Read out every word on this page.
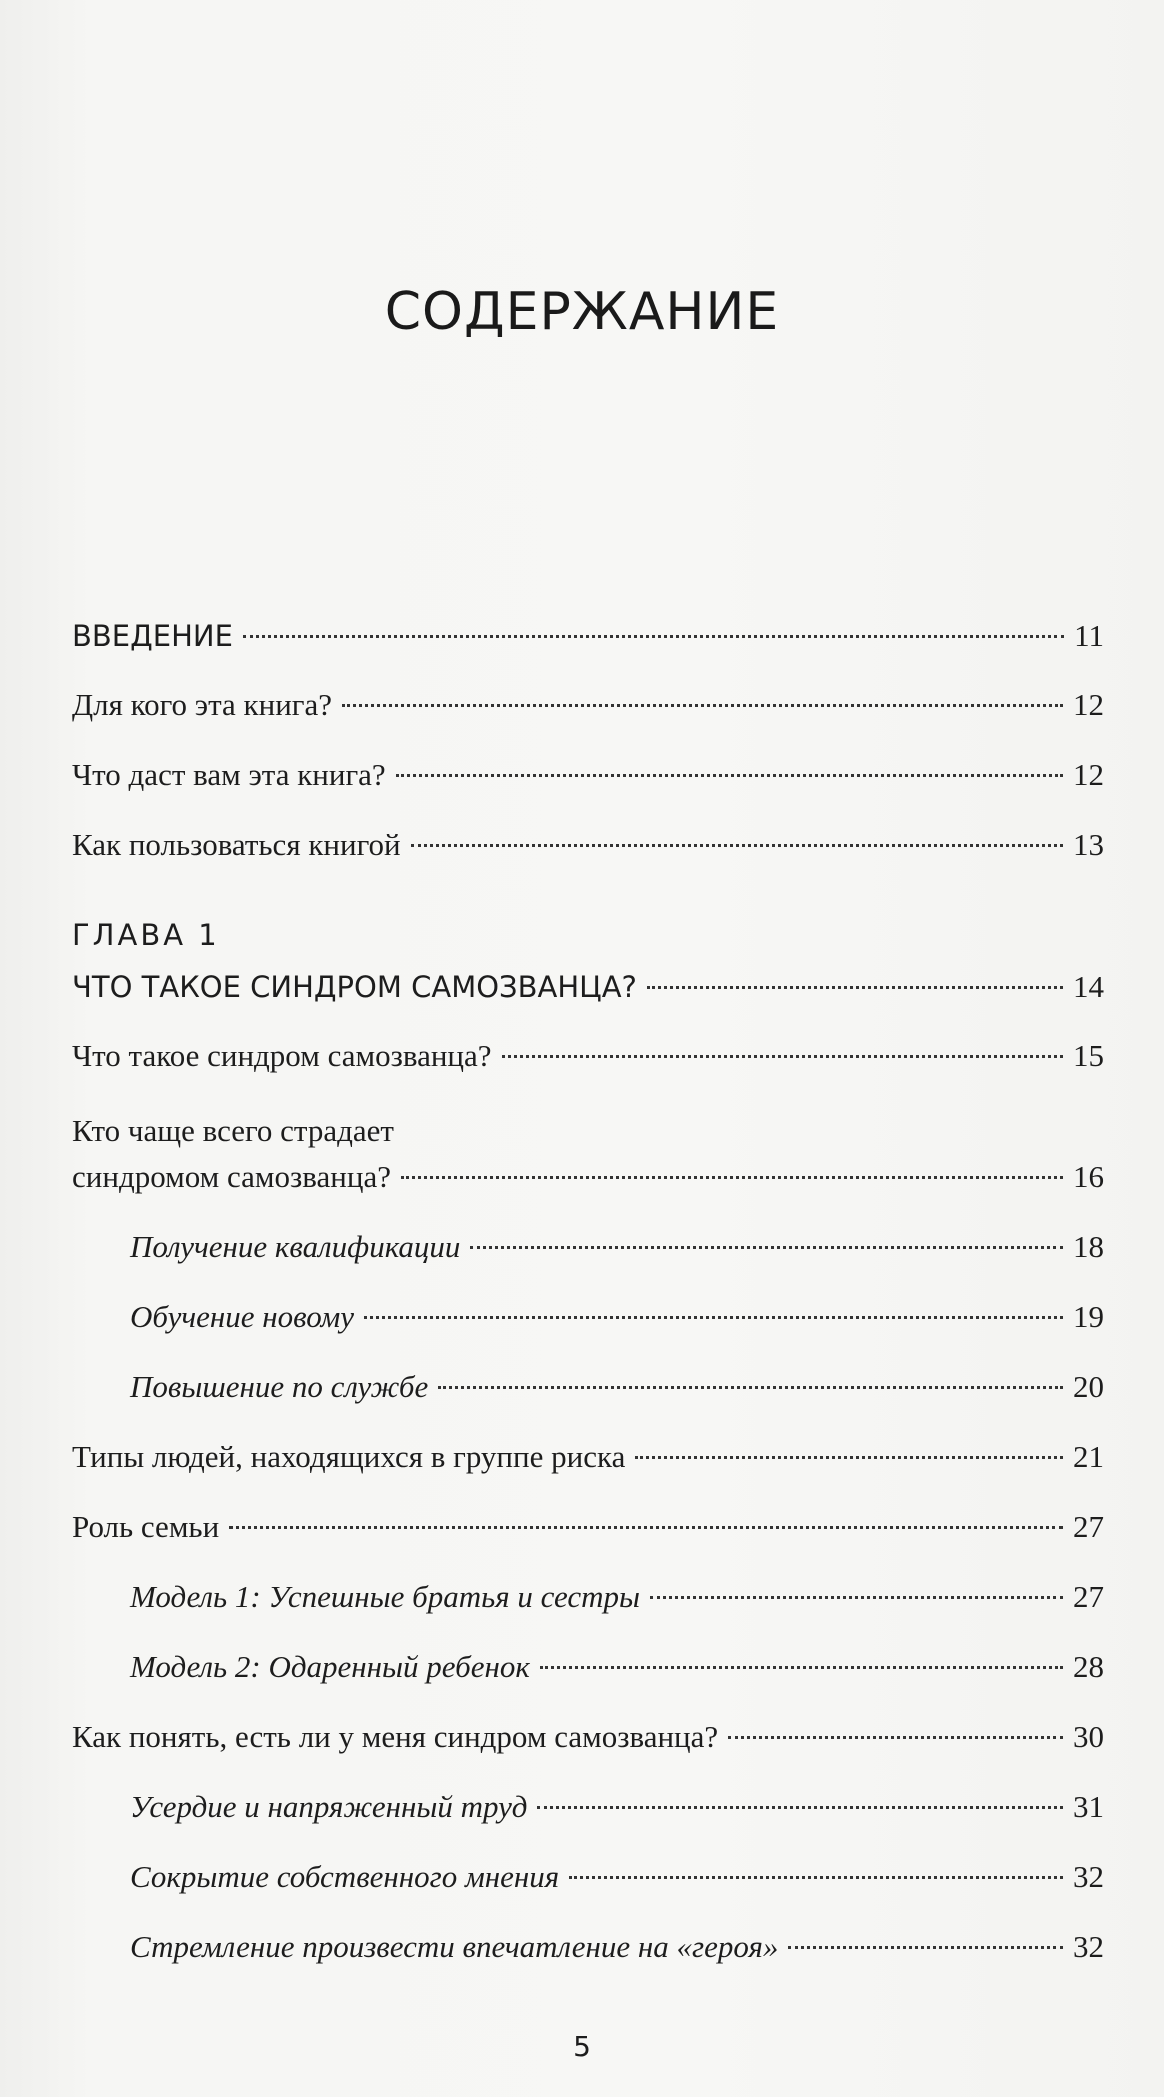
СОДЕРЖАНИЕ
ВВЕДЕНИЕ	11
Для кого эта книга?	12
Что даст вам эта книга?	12
Как пользоваться книгой	13
ГЛАВА 1
ЧТО ТАКОЕ СИНДРОМ САМОЗВАНЦА?	14
Что такое синдром самозванца?	15
Кто чаще всего страдает
синдромом самозванца?	16
Получение квалификации	18
Обучение новому	19
Повышение по службе	20
Типы людей, находящихся в группе риска	21
Роль семьи	27
Модель 1: Успешные братья и сестры	27
Модель 2: Одаренный ребенок	28
Как понять, есть ли у меня синдром самозванца?	30
Усердие и напряженный труд	31
Сокрытие собственного мнения	32
Стремление произвести впечатление на «героя»	32
5
